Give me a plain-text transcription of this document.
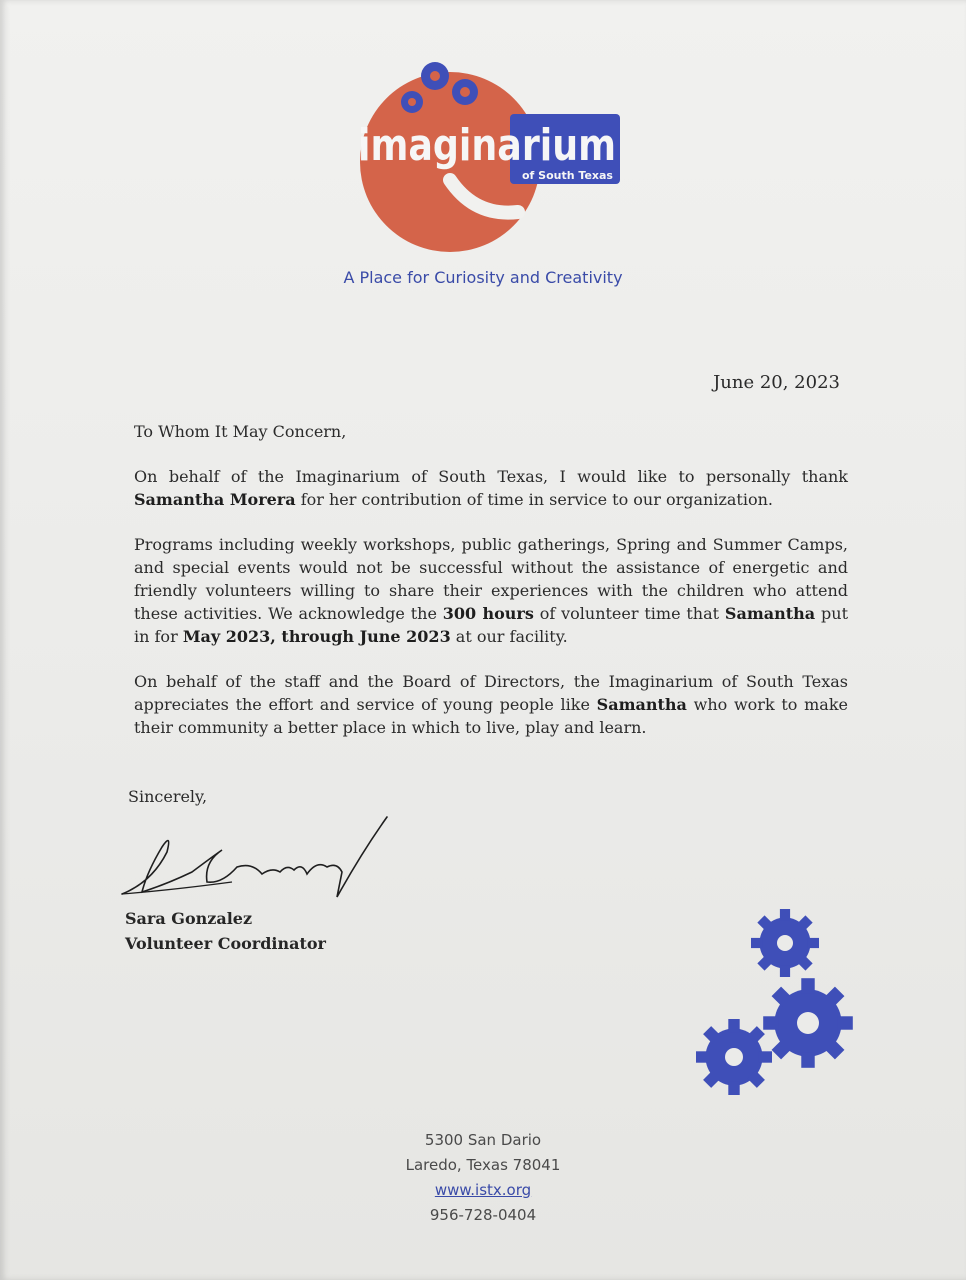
imaginarium
of South Texas
A Place for Curiosity and Creativity
June 20, 2023

To Whom It May Concern,

On behalf of the Imaginarium of South Texas, I would like to personally thank Samantha Morera for her contribution of time in service to our organization.

Programs including weekly workshops, public gatherings, Spring and Summer Camps, and special events would not be successful without the assistance of energetic and friendly volunteers willing to share their experiences with the children who attend these activities. We acknowledge the 300 hours of volunteer time that Samantha put in for May 2023, through June 2023 at our facility.

On behalf of the staff and the Board of Directors, the Imaginarium of South Texas appreciates the effort and service of young people like Samantha who work to make their community a better place in which to live, play and learn.

Sincerely,
Sara Gonzalez
Volunteer Coordinator
5300 San Dario
Laredo, Texas 78041
www.istx.org
956-728-0404
